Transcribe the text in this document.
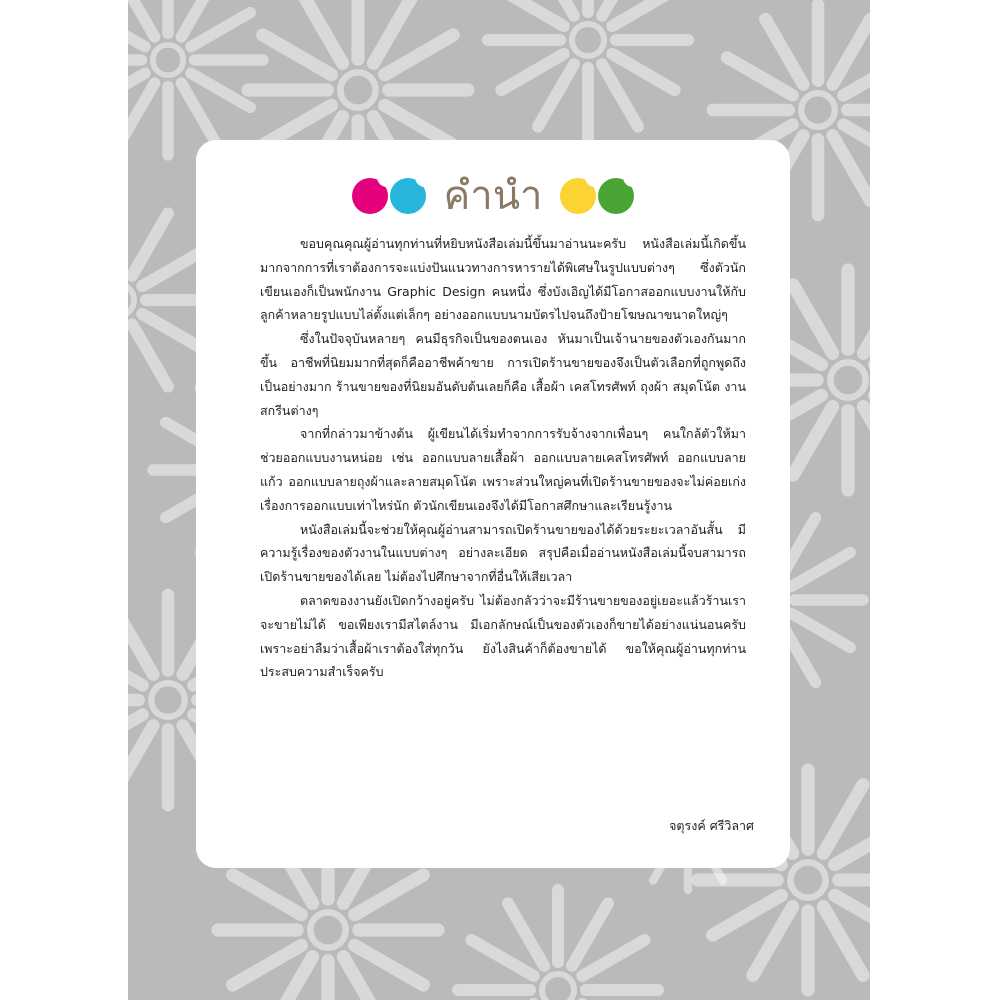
คำนำ

ขอบคุณคุณผู้อ่านทุกท่านที่หยิบหนังสือเล่มนี้ขึ้นมาอ่านนะครับ หนังสือเล่มนี้เกิดขึ้นมากจากการที่เราต้องการจะแบ่งปันแนวทางการหารายได้พิเศษในรูปแบบต่างๆ ซึ่งตัวนักเขียนเองก็เป็นพนักงาน Graphic Design คนหนึ่ง ซึ่งบังเอิญได้มีโอกาสออกแบบงานให้กับลูกค้าหลายรูปแบบไล่ตั้งแต่เล็กๆ อย่างออกแบบนามบัตรไปจนถึงป้ายโฆษณาขนาดใหญ่ๆ

ซึ่งในปัจจุบันหลายๆ คนมีธุรกิจเป็นของตนเอง หันมาเป็นเจ้านายของตัวเองกันมากขึ้น อาชีพที่นิยมมากที่สุดก็คืออาชีพค้าขาย การเปิดร้านขายของจึงเป็นตัวเลือกที่ถูกพูดถึงเป็นอย่างมาก ร้านขายของที่นิยมอันดับต้นเลยก็คือ เสื้อผ้า เคสโทรศัพท์ ถุงผ้า สมุดโน้ต งานสกรีนต่างๆ

จากที่กล่าวมาข้างต้น ผู้เขียนได้เริ่มทำจากการรับจ้างจากเพื่อนๆ คนใกล้ตัวให้มาช่วยออกแบบงานหน่อย เช่น ออกแบบลายเสื้อผ้า ออกแบบลายเคสโทรศัพท์ ออกแบบลายแก้ว ออกแบบลายถุงผ้าและลายสมุดโน้ต เพราะส่วนใหญ่คนที่เปิดร้านขายของจะไม่ค่อยเก่งเรื่องการออกแบบเท่าไหร่นัก ตัวนักเขียนเองจึงได้มีโอกาสศึกษาและเรียนรู้งาน

หนังสือเล่มนี้จะช่วยให้คุณผู้อ่านสามารถเปิดร้านขายของได้ด้วยระยะเวลาอันสั้น มีความรู้เรื่องของตัวงานในแบบต่างๆ อย่างละเอียด สรุปคือเมื่ออ่านหนังสือเล่มนี้จบสามารถเปิดร้านขายของได้เลย ไม่ต้องไปศึกษาจากที่อื่นให้เสียเวลา

ตลาดของงานยังเปิดกว้างอยู่ครับ ไม่ต้องกลัวว่าจะมีร้านขายของอยู่เยอะแล้วร้านเราจะขายไม่ได้ ขอเพียงเรามีสไตล์งาน มีเอกลักษณ์เป็นของตัวเองก็ขายได้อย่างแน่นอนครับ เพราะอย่าลืมว่าเสื้อผ้าเราต้องใส่ทุกวัน ยังไงสินค้าก็ต้องขายได้ ขอให้คุณผู้อ่านทุกท่านประสบความสำเร็จครับ

จตุรงค์ ศรีวิลาศ
